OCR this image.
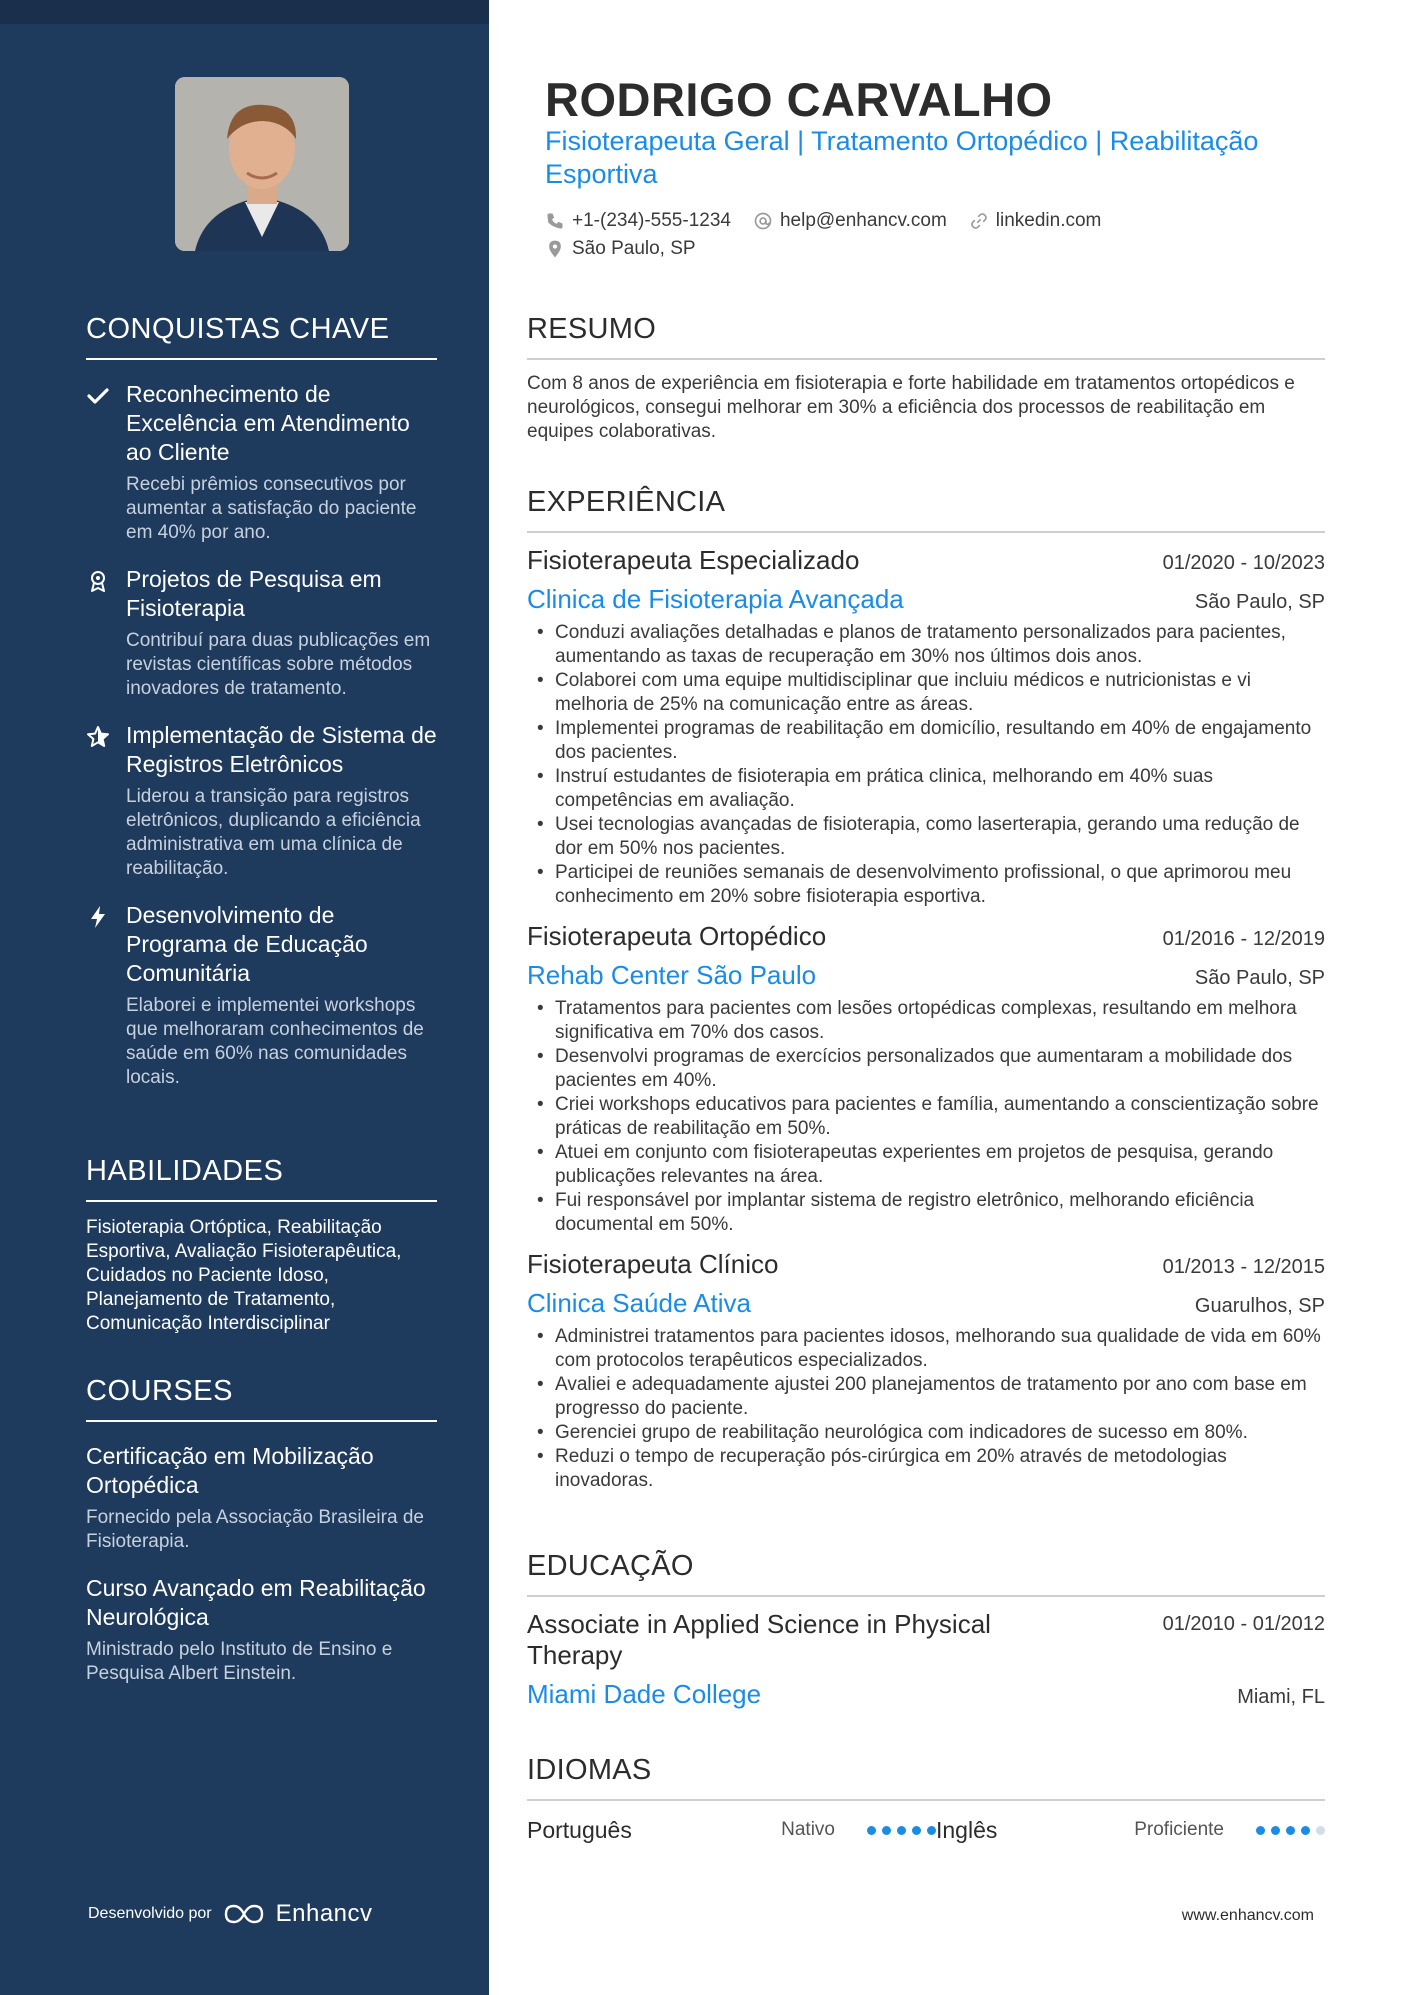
CONQUISTAS CHAVE
Reconhecimento de Excelência em Atendimento ao Cliente
Recebi prêmios consecutivos por aumentar a satisfação do paciente em 40% por ano.
Projetos de Pesquisa em Fisioterapia
Contribuí para duas publicações em revistas científicas sobre métodos inovadores de tratamento.
Implementação de Sistema de Registros Eletrônicos
Liderou a transição para registros eletrônicos, duplicando a eficiência administrativa em uma clínica de reabilitação.
Desenvolvimento de Programa de Educação Comunitária
Elaborei e implementei workshops que melhoraram conhecimentos de saúde em 60% nas comunidades locais.
HABILIDADES
Fisioterapia Ortóptica, Reabilitação Esportiva, Avaliação Fisioterapêutica, Cuidados no Paciente Idoso, Planejamento de Tratamento, Comunicação Interdisciplinar
COURSES
Certificação em Mobilização Ortopédica
Fornecido pela Associação Brasileira de Fisioterapia.
Curso Avançado em Reabilitação Neurológica
Ministrado pelo Instituto de Ensino e Pesquisa Albert Einstein.
Desenvolvido por	Enhancv
RODRIGO CARVALHO
Fisioterapeuta Geral | Tratamento Ortopédico | Reabilitação Esportiva
+1-(234)-555-1234	help@enhancv.com	linkedin.com
São Paulo, SP
RESUMO
Com 8 anos de experiência em fisioterapia e forte habilidade em tratamentos ortopédicos e neurológicos, consegui melhorar em 30% a eficiência dos processos de reabilitação em equipes colaborativas.
EXPERIÊNCIA
Fisioterapeuta Especializado	01/2020 - 10/2023
Clinica de Fisioterapia Avançada	São Paulo, SP
• Conduzi avaliações detalhadas e planos de tratamento personalizados para pacientes, aumentando as taxas de recuperação em 30% nos últimos dois anos.
• Colaborei com uma equipe multidisciplinar que incluiu médicos e nutricionistas e vi melhoria de 25% na comunicação entre as áreas.
• Implementei programas de reabilitação em domicílio, resultando em 40% de engajamento dos pacientes.
• Instruí estudantes de fisioterapia em prática clinica, melhorando em 40% suas competências em avaliação.
• Usei tecnologias avançadas de fisioterapia, como laserterapia, gerando uma redução de dor em 50% nos pacientes.
• Participei de reuniões semanais de desenvolvimento profissional, o que aprimorou meu conhecimento em 20% sobre fisioterapia esportiva.
Fisioterapeuta Ortopédico	01/2016 - 12/2019
Rehab Center São Paulo	São Paulo, SP
• Tratamentos para pacientes com lesões ortopédicas complexas, resultando em melhora significativa em 70% dos casos.
• Desenvolvi programas de exercícios personalizados que aumentaram a mobilidade dos pacientes em 40%.
• Criei workshops educativos para pacientes e família, aumentando a conscientização sobre práticas de reabilitação em 50%.
• Atuei em conjunto com fisioterapeutas experientes em projetos de pesquisa, gerando publicações relevantes na área.
• Fui responsável por implantar sistema de registro eletrônico, melhorando eficiência documental em 50%.
Fisioterapeuta Clínico	01/2013 - 12/2015
Clinica Saúde Ativa	Guarulhos, SP
• Administrei tratamentos para pacientes idosos, melhorando sua qualidade de vida em 60% com protocolos terapêuticos especializados.
• Avaliei e adequadamente ajustei 200 planejamentos de tratamento por ano com base em progresso do paciente.
• Gerenciei grupo de reabilitação neurológica com indicadores de sucesso em 80%.
• Reduzi o tempo de recuperação pós-cirúrgica em 20% através de metodologias inovadoras.
EDUCAÇÃO
Associate in Applied Science in Physical Therapy
01/2010 - 01/2012
Miami Dade College	Miami, FL
IDIOMAS
Português	Nativo	Inglês	Proficiente
www.enhancv.com
